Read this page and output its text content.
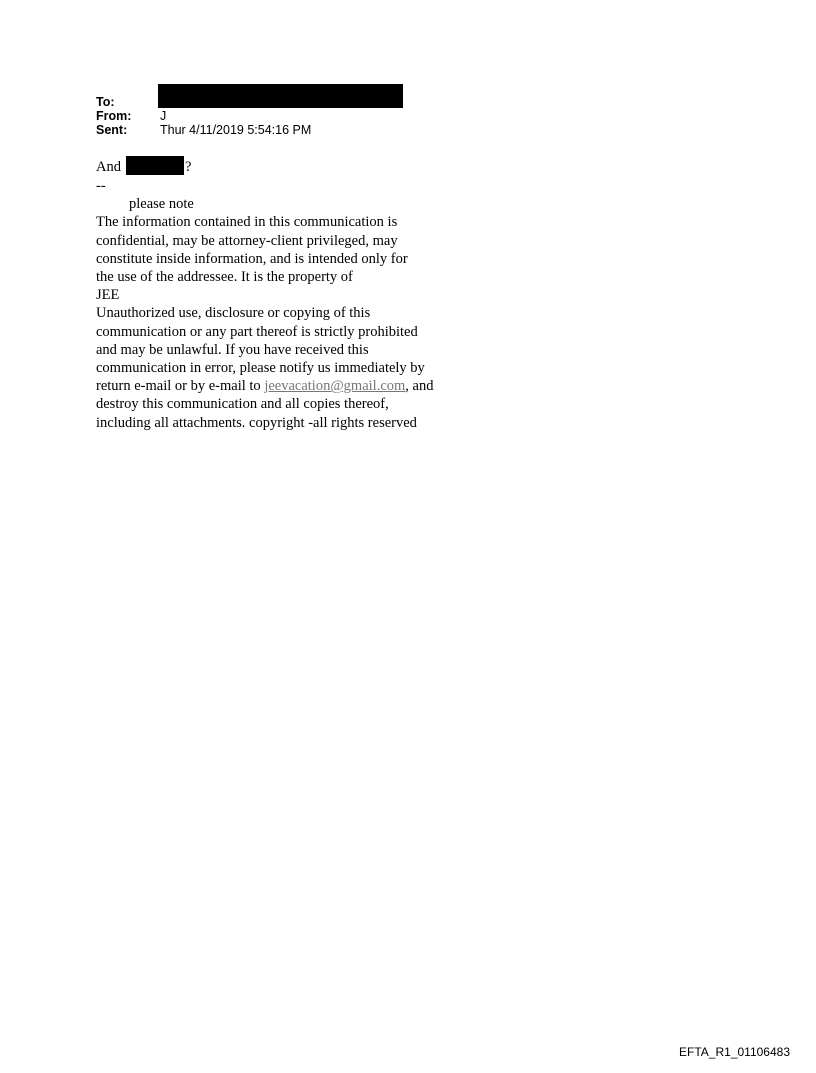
To:
From:	J
Sent:	Thur 4/11/2019 5:54:16 PM

And	?

--

please note

The information contained in this communication is

confidential, may be attorney-client privileged, may

constitute inside information, and is intended only for

the use of the addressee. It is the property of

JEE

Unauthorized use, disclosure or copying of this

communication or any part thereof is strictly prohibited

and may be unlawful. If you have received this

communication in error, please notify us immediately by

return e-mail or by e-mail to jeevacation@gmail.com, and

destroy this communication and all copies thereof,

including all attachments. copyright -all rights reserved

EFTA_R1_01106483
